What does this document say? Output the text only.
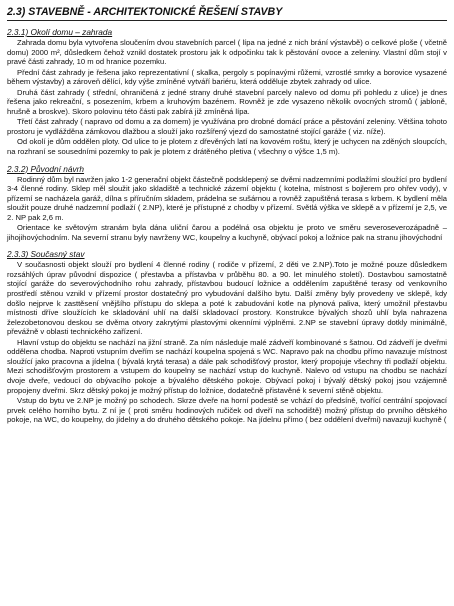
2.3) STAVEBNĚ - ARCHITEKTONICKÉ ŘEŠENÍ STAVBY
2.3.1) Okolí domu – zahrada

Zahrada domu byla vytvořena sloučením dvou stavebních parcel ( lípa na jedné z nich brání výstavbě) o celkové ploše ( včetně domu) 2000 m², důsledkem čehož vznikl dostatek prostoru jak k odpočinku tak k pěstování ovoce a zeleniny. Vlastní dům stojí v pravé části zahrady, 10 m od hranice pozemku.

Přední část zahrady je řešena jako reprezentativní ( skalka, pergoly s popínavými růžemi, vzrostlé smrky a borovice vysazené během výstavby) a zároveň dělící, kdy výše zmíněné vytváří bariéru, která odděluje zbytek zahrady od ulice.

Druhá část zahrady ( střední, ohraničená z jedné strany druhé stavební parcely nalevo od domu při pohledu z ulice) je dnes řešena jako rekreační, s posezením, krbem a kruhovým bazénem. Rovněž je zde vysazeno několik ovocných stromů ( jabloně, hrušně a broskve). Skoro polovinu této části pak zabírá již zmíněná lípa.

Třetí část zahrady ( napravo od domu a za domem) je využívána pro drobné domácí práce a pěstování zeleniny. Většina tohoto prostoru je vydlážděna zámkovou dlažbou a slouží jako rozšířený vjezd do samostatné stojící garáže ( viz. níže).

Od okolí je dům oddělen ploty. Od ulice to je plotem z dřevěných latí na kovovém roštu, který je uchycen na zděných sloupcích, na rozhraní se sousedními pozemky to pak je plotem z drátěného pletiva ( všechny o výšce 1,5 m).

2.3.2) Původní návrh

Rodinný dům byl navržen jako 1-2 generační objekt částečně podsklepený se dvěmi nadzemními podlažími sloužící pro bydlení 3-4 členné rodiny. Sklep měl sloužit jako skladiště a technické zázemí objektu ( kotelna, místnost s bojlerem pro ohřev vody), v přízemí se nacházela garáž, dílna s příručním skladem, prádelna se sušárnou a rovněž zapuštěná terasa s krbem. K bydlení měla sloužit pouze druhé nadzemní podlaží ( 2.NP), které je přístupné z chodby v přízemí. Světlá výška ve sklepě a v přízemí je 2,5, ve 2. NP pak 2,6 m.

Orientace ke světovým stranám byla dána uliční čarou a podélná osa objektu je proto ve směru severoseverozápadně – jihojihovýchodním. Na severní stranu byly navrženy WC, koupelny a kuchyně, obývací pokoj a ložnice pak na stranu jihovýchodní

2.3.3) Současný stav

V současnosti objekt slouží pro bydlení 4 členné rodiny ( rodiče v přízemí, 2 děti ve 2.NP).Toto je možné pouze důsledkem rozsáhlých úprav původní dispozice ( přestavba a přístavba v průběhu 80. a 90. let minulého století). Dostavbou samostatně stojící garáže do severovýchodního rohu zahrady, přístavbou budoucí ložnice a oddělením zapuštěné terasy od venkovního prostředí stěnou vznikl v přízemí prostor dostatečný pro vybudování dalšího bytu. Další změny byly provedeny ve sklepě, kdy došlo nejprve k zasttěsení vnějšího přístupu do sklepa a poté k zabudování kotle na plynová paliva, který umožnil přestavbu místnosti dříve sloužících ke skladování uhlí na další skladovací prostory. Konstrukce bývalých shozů uhlí byla nahrazena železobetonovou deskou se dvěma otvory zakrytými plastovými okenními výplněmi. 2.NP se stavební úpravy dotkly minimálně, převážně v oblasti technického zařízení.

Hlavní vstup do objektu se nachází na jižní straně. Za ním následuje malé zádveří kombinované s šatnou. Od zádveří je dveřmi oddělena chodba. Naproti vstupním dveřím se nachází koupelna spojená s WC. Napravo pak na chodbu přímo navazuje místnost sloužící jako pracovna a jídelna ( bývalá krytá terasa) a dále pak schodišťový prostor, který propojuje všechny tři podlaží objektu. Mezi schodišťovým prostorem a vstupem do koupelny se nachází vstup do kuchyně. Nalevo od vstupu na chodbu se nachází dvoje dveře, vedoucí do obývacího pokoje a bývalého dětského pokoje. Obývací pokoj i bývalý dětský pokoj jsou vzájemně propojeny dveřmi. Skrz dětský pokoj je možný přístup do ložnice, dodatečně přistavěné k severní stěně objektu.

Vstup do bytu ve 2.NP je možný po schodech. Skrze dveře na horní podestě se vchází do předsíně, tvořící centrální spojovací prvek celého horního bytu. Z ní je ( proti směru hodinových ručiček od dveří na schodiště) možný přístup do prvního dětského pokoje, na WC, do koupelny, do jídelny a do druhého dětského pokoje. Na jídelnu přímo ( bez oddělení dveřmi) navazují kuchyně (
